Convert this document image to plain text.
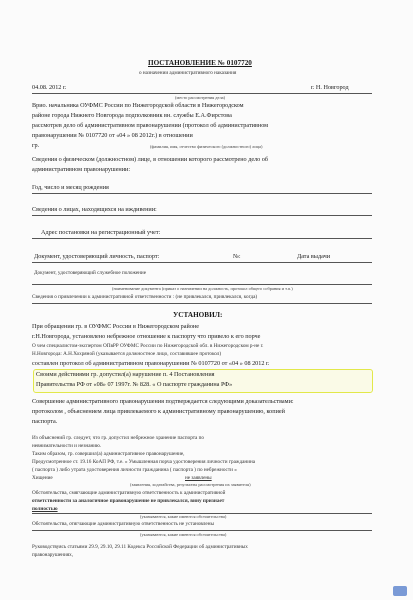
ПОСТАНОВЛЕНИЕ № 0107720
о назначении административного наказания
04.08. 2012 г.	г. Н. Новгород
(место рассмотрения дела)
Врио. начальника ОУФМС России по Нижегородской области в Нижегородском
районе города Нижнего Новгорода подполковник вн. службы Е.А.Фирстова
рассмотрев дело об административном правонарушении (протокол об административном
правонарушении № 0107720 от «04 » 08 2012г.) в отношении
гр.	(фамилия, имя, отчество физического (должностного) лица)
Сведения о физическом (должностном) лице, в отношении которого рассмотрено дело об
административном правонарушении:
Год, число и месяц рождения
Сведения о лицах, находящихся на иждивении:
Адрес постановки на регистрационный учет:
Документ, удостоверяющий личность, паспорт:	№:	Дата выдачи
Документ, удостоверяющий служебное положение
(наименование документа (приказ о назначении на должность, протокол общего собрания и т.п.)
Сведения о привлечении к административной ответственности : (не привлекался, привлекался, когда)
УСТАНОВИЛ:
При обращении гр. в ОУФМС России в Нижегородском районе
г.Н.Новгорода, установлено небрежное отношение к паспорту что привело к его порче
О чем специалистом-экспертом ОПвРР ОУФМС России по Нижегородской обл. в Нижегородском р-не г.
Н.Новгорода: А.Н.Хохряной (указывается должностное лицо, составившее протокол)
составлен протокол об административном правонарушении № 0107720 от «04 » 08 2012 г.
Своими действиями гр. допустил(а) нарушение п. 4 Постановления
Правительства РФ от «08» 07 1997г. № 828. « О паспорте гражданина РФ»
Совершение административного правонарушения подтверждается следующими доказательствами:
протоколом , объяснением лица привлекаемого к административному правонарушению, копией
паспорта.
Из объяснений гр. следует, что гр. допустил небрежное хранение паспорта по
невнимательности и незнанию.
Таким образом, гр. совершил(а) административное правонарушение,
Предусмотренное ст. 19.16 КоАП РФ, т.е. « Умышленная порча удостоверения личности гражданина
( паспорта ) либо утрата удостоверения личности гражданина ( паспорта ) по небрежности »
Хищение	не заявлены
(заявления, ходатайства, результаты рассмотрения их заявителя)
Обстоятельства, смягчающие административную ответственность к административной
ответственности за аналогичное правонарушение не привлекался, вину признает
полностью
(указываются, какие имеются обстоятельства)
Обстоятельства, отягчающие административную ответственность не установлены
(указываются, какие имеются обстоятельства)
Руководствуясь статьями 29.9, 29.10, 29.11 Кодекса Российской Федерации об административных
правонарушениях,
